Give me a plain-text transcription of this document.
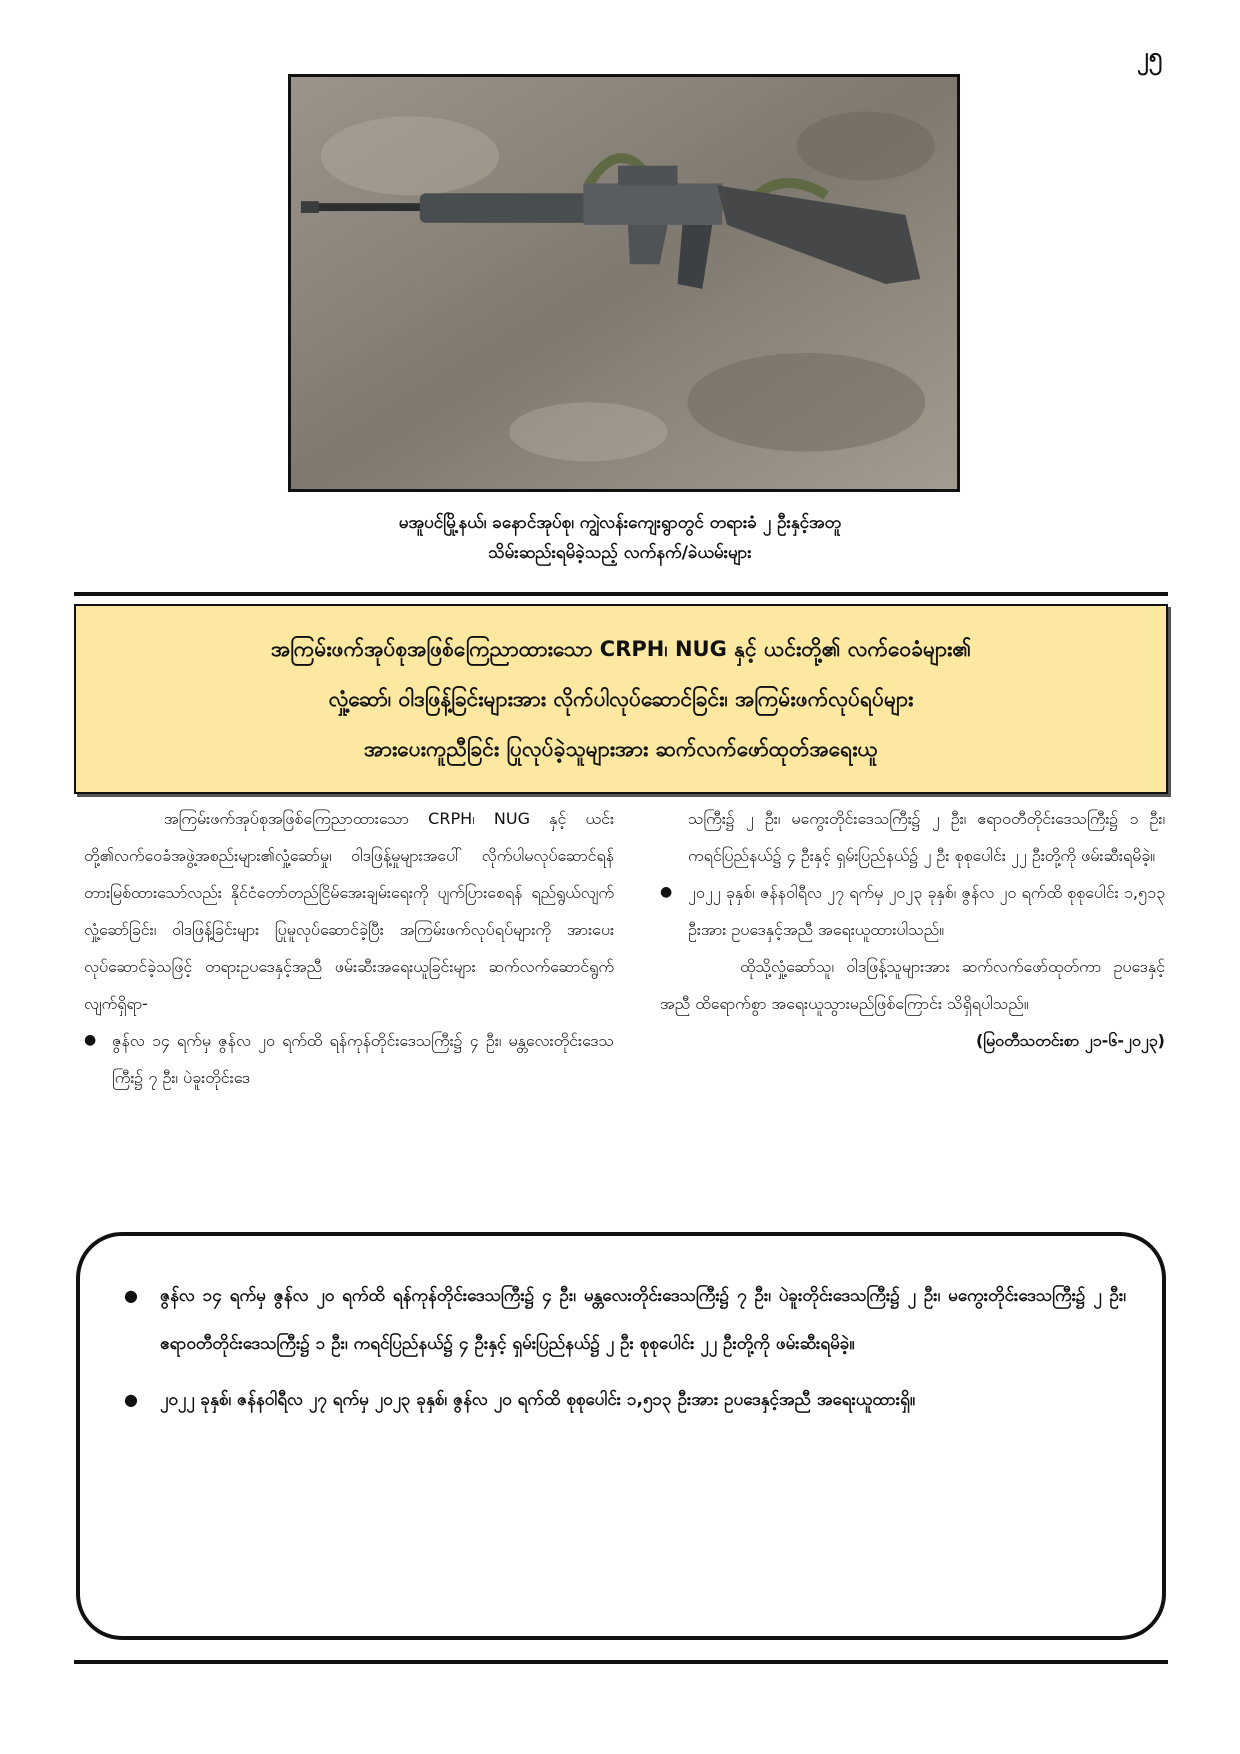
၂၅
မအူပင်မြို့နယ်၊ ခနောင်အုပ်စု၊ ကျွဲလန်းကျေးရွာတွင် တရားခံ ၂ ဦးနှင့်အတူ
သိမ်းဆည်းရမိခဲ့သည့် လက်နက်/ခဲယမ်းများ
အကြမ်းဖက်အုပ်စုအဖြစ်ကြေညာထားသော CRPH၊ NUG နှင့် ယင်းတို့၏ လက်ဝေခံများ၏
လှုံ့ဆော်၊ ဝါဒဖြန့်ခြင်းများအား လိုက်ပါလုပ်ဆောင်ခြင်း၊ အကြမ်းဖက်လုပ်ရပ်များ
အားပေးကူညီခြင်း ပြုလုပ်ခဲ့သူများအား ဆက်လက်ဖော်ထုတ်အရေးယူ

အကြမ်းဖက်အုပ်စုအဖြစ်ကြေညာထားသော CRPH၊ NUG နှင့် ယင်းတို့၏လက်ဝေခံအဖွဲ့အစည်းများ၏လှုံ့ဆော်မှု၊ ဝါဒဖြန့်မှုများအပေါ် လိုက်ပါမလုပ်ဆောင်ရန် တားမြစ်ထားသော်လည်း နိုင်ငံတော်တည်ငြိမ်အေးချမ်းရေးကို ပျက်ပြားစေရန် ရည်ရွယ်လျက် လှုံ့ဆော်ခြင်း၊ ဝါဒဖြန့်ခြင်းများ ပြုမူလုပ်ဆောင်ခဲ့ပြီး အကြမ်းဖက်လုပ်ရပ်များကို အားပေးလုပ်ဆောင်ခဲ့သဖြင့် တရားဥပဒေနှင့်အညီ ဖမ်းဆီးအရေးယူခြင်းများ ဆက်လက်ဆောင်ရွက်လျက်ရှိရာ-

● ဇွန်လ ၁၄ ရက်မှ ဇွန်လ ၂၀ ရက်ထိ ရန်ကုန်တိုင်းဒေသကြီး၌ ၄ ဦး၊ မန္တလေးတိုင်းဒေသကြီး၌ ၇ ဦး၊ ပဲခူးတိုင်းဒေ

သကြီး၌ ၂ ဦး၊ မကွေးတိုင်းဒေသကြီး၌ ၂ ဦး၊ ဧရာဝတီတိုင်းဒေသကြီး၌ ၁ ဦး၊ ကရင်ပြည်နယ်၌ ၄ ဦးနှင့် ရှမ်းပြည်နယ်၌ ၂ ဦး စုစုပေါင်း ၂၂ ဦးတို့ကို ဖမ်းဆီးရမိခဲ့။

● ၂၀၂၂ ခုနှစ်၊ ဇန်နဝါရီလ ၂၇ ရက်မှ ၂၀၂၃ ခုနှစ်၊ ဇွန်လ ၂၀ ရက်ထိ စုစုပေါင်း ၁,၅၁၃ ဦးအား ဥပဒေနှင့်အညီ အရေးယူထားပါသည်။

ထိုသို့လှုံ့ဆော်သူ၊ ဝါဒဖြန့်သူများအား ဆက်လက်ဖော်ထုတ်ကာ ဥပဒေနှင့်အညီ ထိရောက်စွာ အရေးယူသွားမည်ဖြစ်ကြောင်း သိရှိရပါသည်။

(မြဝတီသတင်းစာ ၂၁-၆-၂၀၂၃)

● ဇွန်လ ၁၄ ရက်မှ ဇွန်လ ၂၀ ရက်ထိ ရန်ကုန်တိုင်းဒေသကြီး၌ ၄ ဦး၊ မန္တလေးတိုင်းဒေသကြီး၌ ၇ ဦး၊ ပဲခူးတိုင်းဒေသကြီး၌ ၂ ဦး၊ မကွေးတိုင်းဒေသကြီး၌ ၂ ဦး၊ ဧရာဝတီတိုင်းဒေသကြီး၌ ၁ ဦး၊ ကရင်ပြည်နယ်၌ ၄ ဦးနှင့် ရှမ်းပြည်နယ်၌ ၂ ဦး စုစုပေါင်း ၂၂ ဦးတို့ကို ဖမ်းဆီးရမိခဲ့။

● ၂၀၂၂ ခုနှစ်၊ ဇန်နဝါရီလ ၂၇ ရက်မှ ၂၀၂၃ ခုနှစ်၊ ဇွန်လ ၂၀ ရက်ထိ စုစုပေါင်း ၁,၅၁၃ ဦးအား ဥပဒေနှင့်အညီ အရေးယူထားရှိ။
